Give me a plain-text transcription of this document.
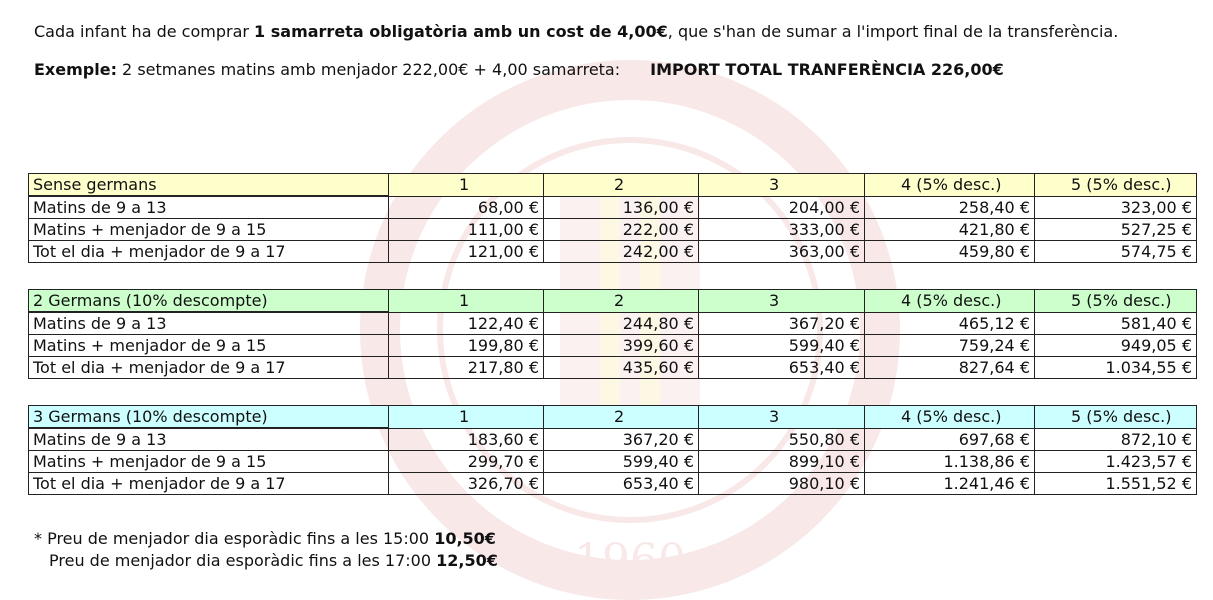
1960
Cada infant ha de comprar 1 samarreta obligatòria amb un cost de 4,00€, que s'han de sumar a l'import final de la transferència.
Exemple: 2 setmanes matins amb menjador 222,00€ + 4,00 samarreta: IMPORT TOTAL TRANFERÈNCIA 226,00€
Sense germans	1	2	3	4 (5% desc.)	5 (5% desc.)
Matins de 9 a 13	68,00 €	136,00 €	204,00 €	258,40 €	323,00 €
Matins + menjador de 9 a 15	111,00 €	222,00 €	333,00 €	421,80 €	527,25 €
Tot el dia + menjador de 9 a 17	121,00 €	242,00 €	363,00 €	459,80 €	574,75 €
2 Germans (10% descompte)	1	2	3	4 (5% desc.)	5 (5% desc.)
Matins de 9 a 13	122,40 €	244,80 €	367,20 €	465,12 €	581,40 €
Matins + menjador de 9 a 15	199,80 €	399,60 €	599,40 €	759,24 €	949,05 €
Tot el dia + menjador de 9 a 17	217,80 €	435,60 €	653,40 €	827,64 €	1.034,55 €
3 Germans (10% descompte)	1	2	3	4 (5% desc.)	5 (5% desc.)
Matins de 9 a 13	183,60 €	367,20 €	550,80 €	697,68 €	872,10 €
Matins + menjador de 9 a 15	299,70 €	599,40 €	899,10 €	1.138,86 €	1.423,57 €
Tot el dia + menjador de 9 a 17	326,70 €	653,40 €	980,10 €	1.241,46 €	1.551,52 €
* Preu de menjador dia esporàdic fins a les 15:00 10,50€
Preu de menjador dia esporàdic fins a les 17:00 12,50€
